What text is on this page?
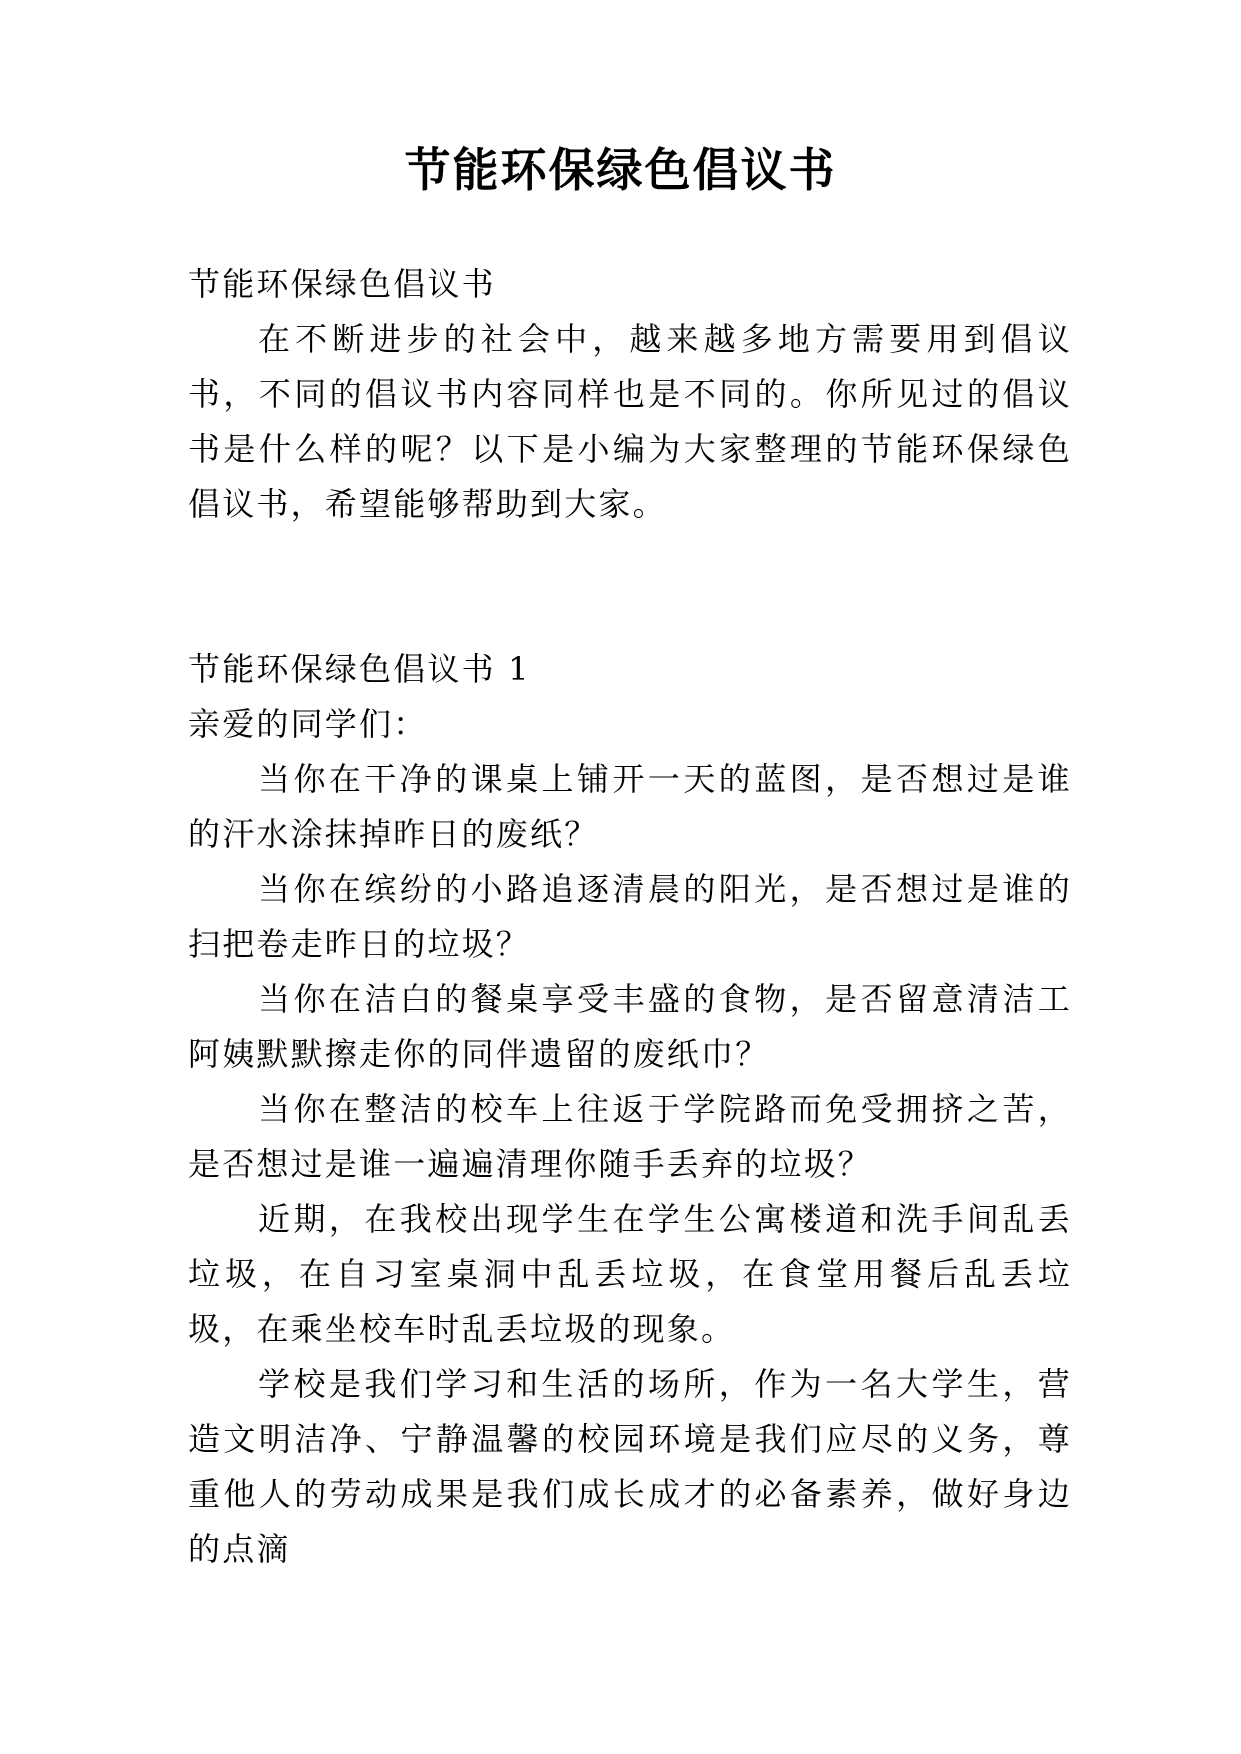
节能环保绿色倡议书

节能环保绿色倡议书

在不断进步的社会中，越来越多地方需要用到倡议书，不同的倡议书内容同样也是不同的。你所见过的倡议书是什么样的呢？以下是小编为大家整理的节能环保绿色倡议书，希望能够帮助到大家。

节能环保绿色倡议书 1

亲爱的同学们：

当你在干净的课桌上铺开一天的蓝图，是否想过是谁的汗水涂抹掉昨日的废纸？

当你在缤纷的小路追逐清晨的阳光，是否想过是谁的扫把卷走昨日的垃圾？

当你在洁白的餐桌享受丰盛的食物，是否留意清洁工阿姨默默擦走你的同伴遗留的废纸巾？

当你在整洁的校车上往返于学院路而免受拥挤之苦，是否想过是谁一遍遍清理你随手丢弃的垃圾？

近期，在我校出现学生在学生公寓楼道和洗手间乱丢垃圾，在自习室桌洞中乱丢垃圾，在食堂用餐后乱丢垃圾，在乘坐校车时乱丢垃圾的现象。

学校是我们学习和生活的场所，作为一名大学生，营造文明洁净、宁静温馨的校园环境是我们应尽的义务，尊重他人的劳动成果是我们成长成才的必备素养，做好身边的点滴
